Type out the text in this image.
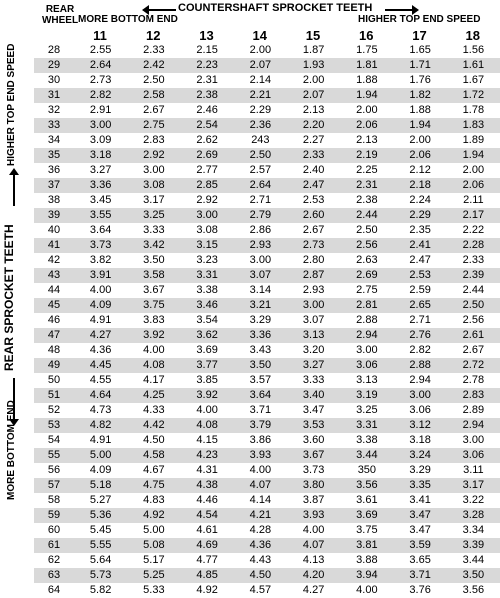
REAR WHEEL
COUNTERSHAFT SPROCKET TEETH
MORE BOTTOM END	HIGHER TOP END SPEED
11	12	13	14	15	16	17	18
HIGHER TOP END SPEED
REAR SPROCKET TEETH
MORE BOTTOM END
28	2.55	2.33	2.15	2.00	1.87	1.75	1.65	1.56
29	2.64	2.42	2.23	2.07	1.93	1.81	1.71	1.61
30	2.73	2.50	2.31	2.14	2.00	1.88	1.76	1.67
31	2.82	2.58	2.38	2.21	2.07	1.94	1.82	1.72
32	2.91	2.67	2.46	2.29	2.13	2.00	1.88	1.78
33	3.00	2.75	2.54	2.36	2.20	2.06	1.94	1.83
34	3.09	2.83	2.62	243	2.27	2.13	2.00	1.89
35	3.18	2.92	2.69	2.50	2.33	2.19	2.06	1.94
36	3.27	3.00	2.77	2.57	2.40	2.25	2.12	2.00
37	3.36	3.08	2.85	2.64	2.47	2.31	2.18	2.06
38	3.45	3.17	2.92	2.71	2.53	2.38	2.24	2.11
39	3.55	3.25	3.00	2.79	2.60	2.44	2.29	2.17
40	3.64	3.33	3.08	2.86	2.67	2.50	2.35	2.22
41	3.73	3.42	3.15	2.93	2.73	2.56	2.41	2.28
42	3.82	3.50	3.23	3.00	2.80	2.63	2.47	2.33
43	3.91	3.58	3.31	3.07	2.87	2.69	2.53	2.39
44	4.00	3.67	3.38	3.14	2.93	2.75	2.59	2.44
45	4.09	3.75	3.46	3.21	3.00	2.81	2.65	2.50
46	4.91	3.83	3.54	3.29	3.07	2.88	2.71	2.56
47	4.27	3.92	3.62	3.36	3.13	2.94	2.76	2.61
48	4.36	4.00	3.69	3.43	3.20	3.00	2.82	2.67
49	4.45	4.08	3.77	3.50	3.27	3.06	2.88	2.72
50	4.55	4.17	3.85	3.57	3.33	3.13	2.94	2.78
51	4.64	4.25	3.92	3.64	3.40	3.19	3.00	2.83
52	4.73	4.33	4.00	3.71	3.47	3.25	3.06	2.89
53	4.82	4.42	4.08	3.79	3.53	3.31	3.12	2.94
54	4.91	4.50	4.15	3.86	3.60	3.38	3.18	3.00
55	5.00	4.58	4.23	3.93	3.67	3.44	3.24	3.06
56	4.09	4.67	4.31	4.00	3.73	350	3.29	3.11
57	5.18	4.75	4.38	4.07	3.80	3.56	3.35	3.17
58	5.27	4.83	4.46	4.14	3.87	3.61	3.41	3.22
59	5.36	4.92	4.54	4.21	3.93	3.69	3.47	3.28
60	5.45	5.00	4.61	4.28	4.00	3.75	3.47	3.34
61	5.55	5.08	4.69	4.36	4.07	3.81	3.59	3.39
62	5.64	5.17	4.77	4.43	4.13	3.88	3.65	3.44
63	5.73	5.25	4.85	4.50	4.20	3.94	3.71	3.50
64	5.82	5.33	4.92	4.57	4.27	4.00	3.76	3.56
